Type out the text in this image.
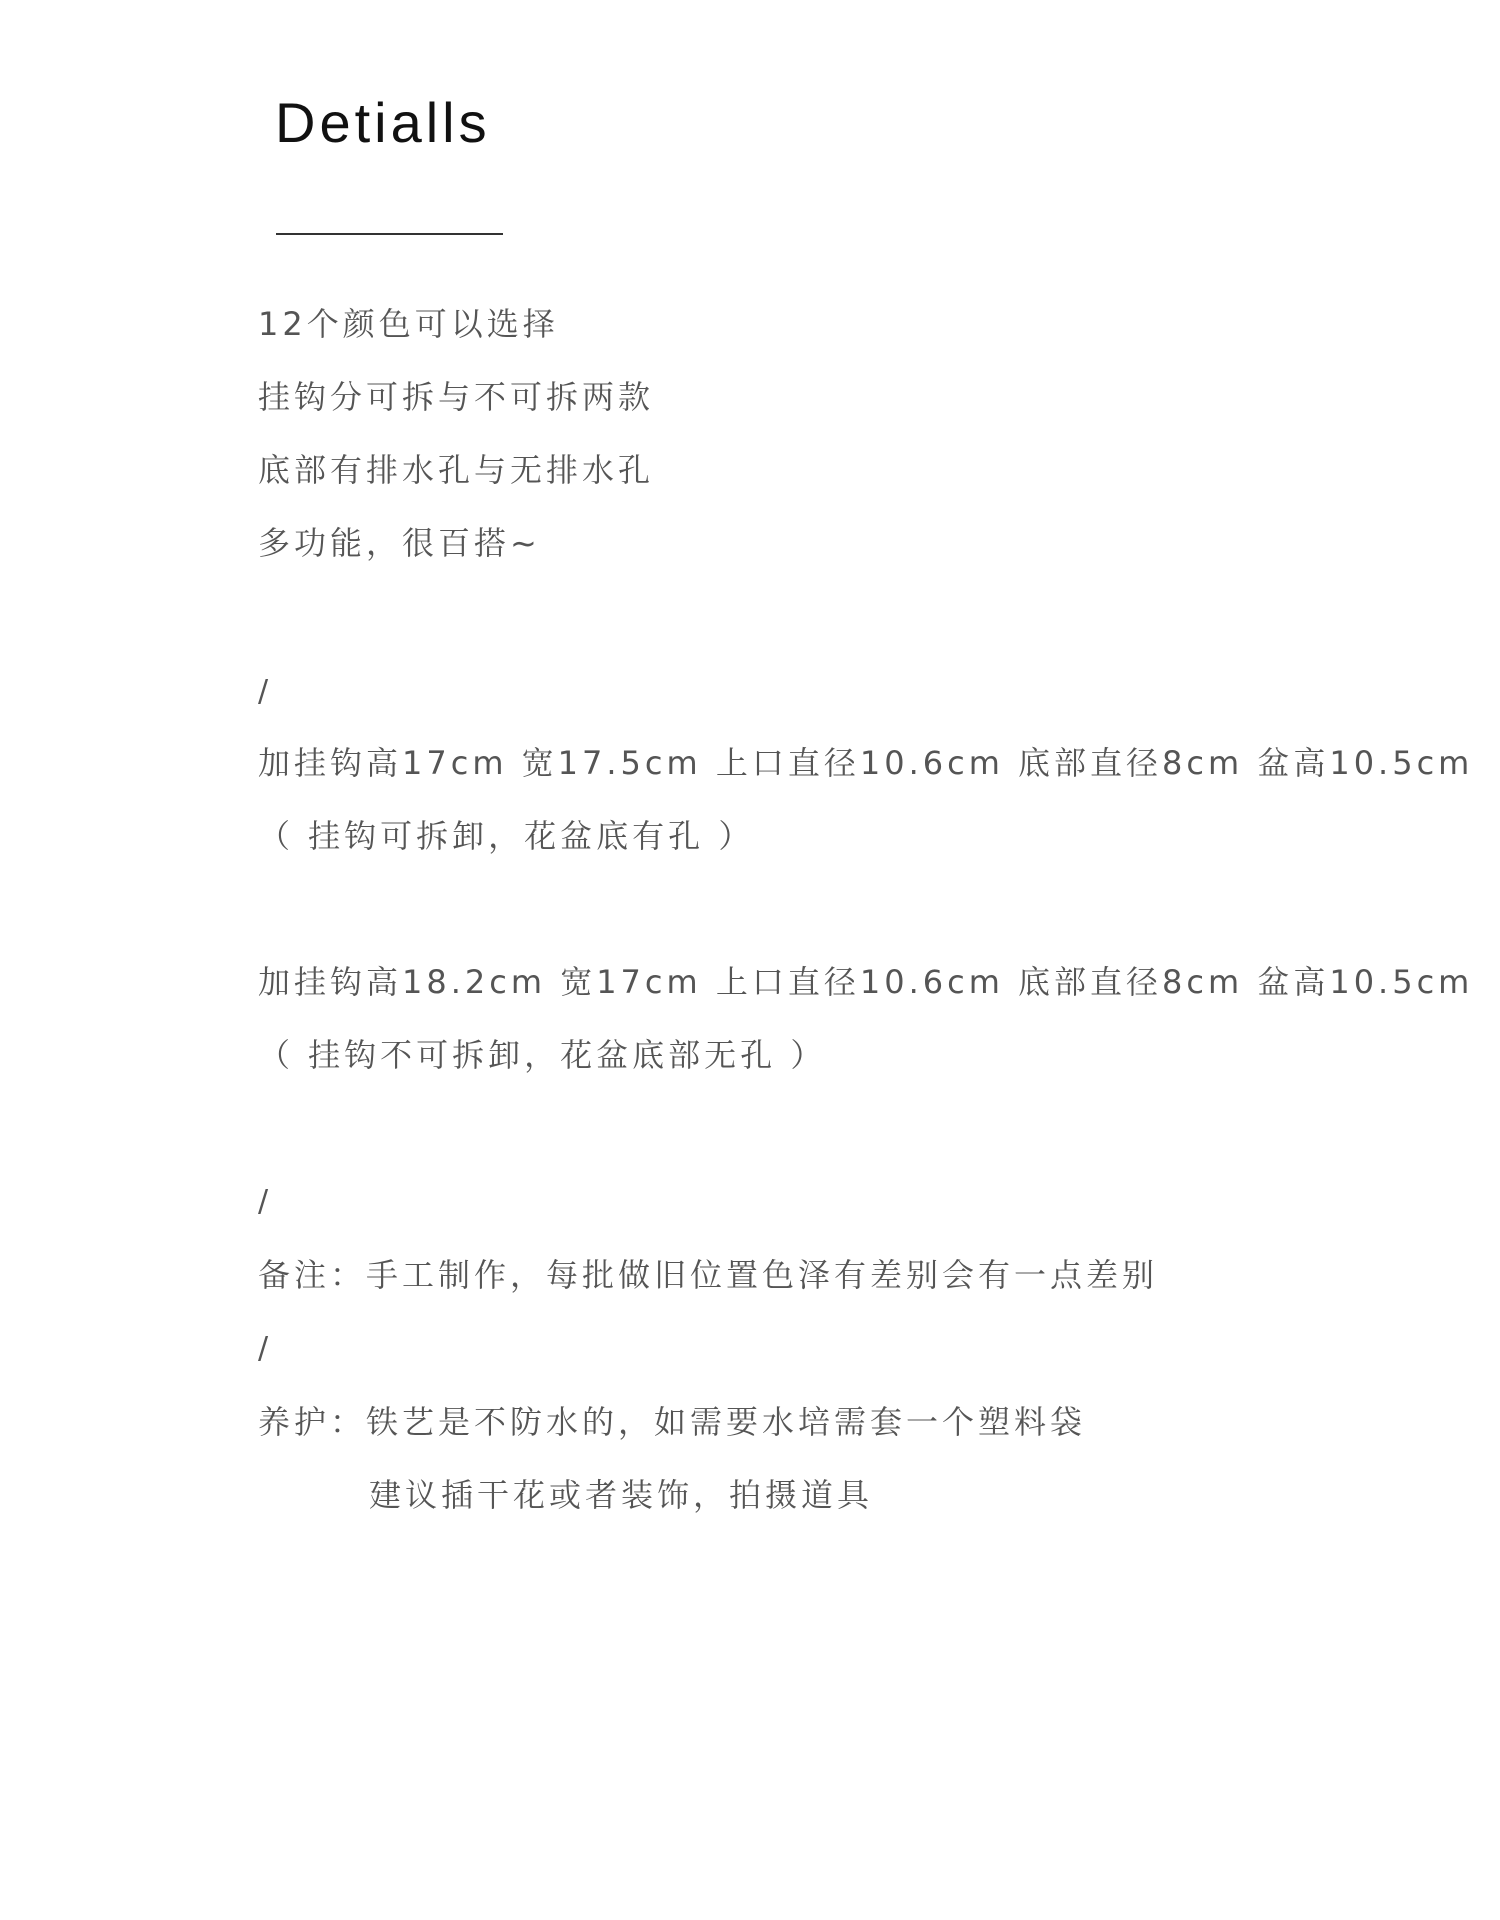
Detialls

12个颜色可以选择

挂钩分可拆与不可拆两款

底部有排水孔与无排水孔

多功能，很百搭~

/

加挂钩高17cm 宽17.5cm 上口直径10.6cm 底部直径8cm 盆高10.5cm

（ 挂钩可拆卸，花盆底有孔 ）

加挂钩高18.2cm 宽17cm 上口直径10.6cm 底部直径8cm 盆高10.5cm

（ 挂钩不可拆卸，花盆底部无孔 ）

/

备注：手工制作，每批做旧位置色泽有差别会有一点差别

/

养护：铁艺是不防水的，如需要水培需套一个塑料袋

建议插干花或者装饰，拍摄道具
